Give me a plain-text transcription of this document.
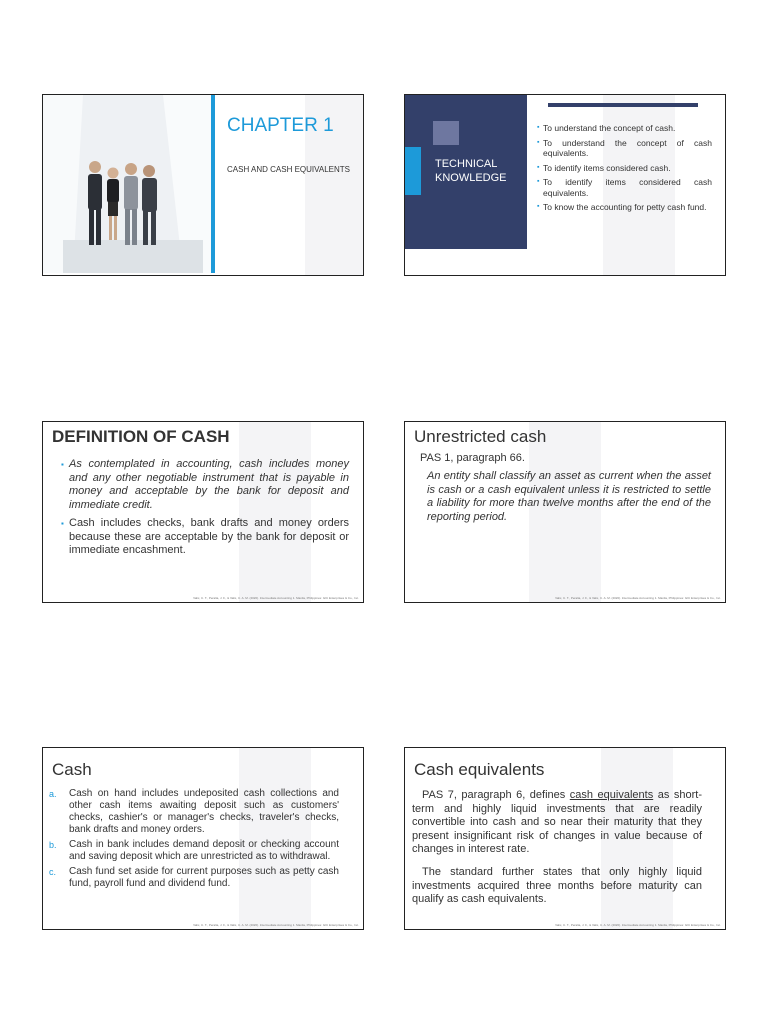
CHAPTER 1
CASH AND CASH EQUIVALENTS	TECHNICAL
KNOWLEDGE
▪ To understand the concept of cash.
▪ To understand the concept of cash equivalents.
▪ To identify items considered cash.
▪ To identify items considered cash equivalents.
▪ To know the accounting for petty cash fund.
DEFINITION OF CASH
▪ As contemplated in accounting, cash includes money and any other negotiable instrument that is payable in money and acceptable by the bank for deposit and immediate credit.
▪ Cash includes checks, bank drafts and money orders because these are acceptable by the bank for deposit or immediate encashment.
Valix, C. T., Peralta, J. F., & Valix, C. A. M. (2020). Intermediate Accounting 1. Manila, Philippines: GIC Enterprises & Co., Inc.
Unrestricted cash
PAS 1, paragraph 66.
An entity shall classify an asset as current when the asset is cash or a cash equivalent unless it is restricted to settle a liability for more than twelve months after the end of the reporting period.
Valix, C. T., Peralta, J. F., & Valix, C. A. M. (2020). Intermediate Accounting 1. Manila, Philippines: GIC Enterprises & Co., Inc.
Cash
a. Cash on hand includes undeposited cash collections and other cash items awaiting deposit such as customers' checks, cashier's or manager's checks, traveler's checks, bank drafts and money orders.
b. Cash in bank includes demand deposit or checking account and saving deposit which are unrestricted as to withdrawal.
c. Cash fund set aside for current purposes such as petty cash fund, payroll fund and dividend fund.
Valix, C. T., Peralta, J. F., & Valix, C. A. M. (2020). Intermediate Accounting 1. Manila, Philippines: GIC Enterprises & Co., Inc.
Cash equivalents
PAS 7, paragraph 6, defines cash equivalents as short-term and highly liquid investments that are readily convertible into cash and so near their maturity that they present insignificant risk of changes in value because of changes in interest rate.
The standard further states that only highly liquid investments acquired three months before maturity can qualify as cash equivalents.
Valix, C. T., Peralta, J. F., & Valix, C. A. M. (2020). Intermediate Accounting 1. Manila, Philippines: GIC Enterprises & Co., Inc.
